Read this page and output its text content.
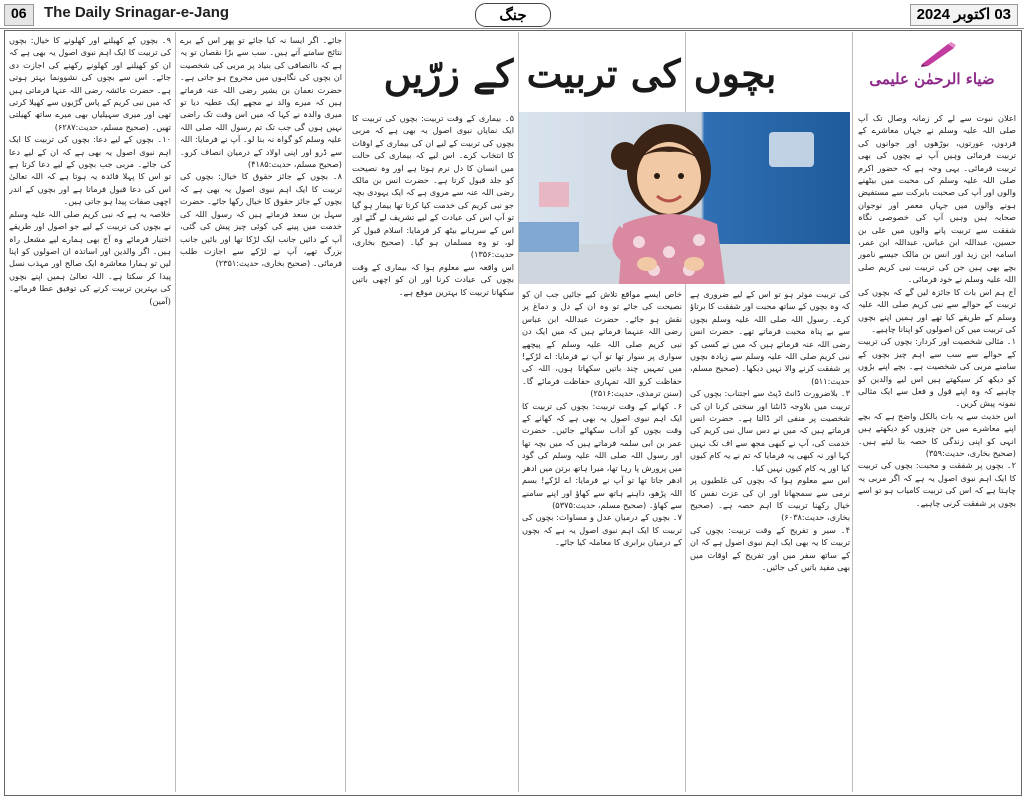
06	The Daily Srinagar-e-Jang	جنگ	03 اکتوبر 2024
بچوں کی تربیت کے زرّیں	ضیاء الرحمٰن علیمی

اعلان نبوت سے لے کر زمانہ وصال تک آپ صلی اللہ علیہ وسلم نے جہاں معاشرے کے فردوں، عورتوں، بوڑھوں اور جوانوں کی تربیت فرمائی وہیں آپ نے بچوں کی بھی تربیت فرمائی۔ یہی وجہ ہے کہ حضور اکرم صلی اللہ علیہ وسلم کی محبت میں بیٹھنے والوں اور آپ کی صحبت بابرکت سے مستفیض ہونے والوں میں جہاں معمر اور نوجوان صحابہ ہیں وہیں آپ کی خصوصی نگاہ شفقت سے تربیت پانے والوں میں علی بن حسین، عبداللہ ابن عباس، عبداللہ ابن عمر، اسامہ ابن زید اور انس بن مالک جیسے نامور بچے بھی ہیں جن کی تربیت نبی کریم صلی اللہ علیہ وسلم نے خود فرمائی۔

آج ہم اس بات کا جائزہ لیں گے کہ بچوں کی تربیت کے حوالے سے نبی کریم صلی اللہ علیہ وسلم کے طریقے کیا تھے اور ہمیں اپنے بچوں کی تربیت میں کن اصولوں کو اپنانا چاہیے۔

۱۔ مثالی شخصیت اور کردار: بچوں کی تربیت کے حوالے سے سب سے اہم چیز بچوں کے سامنے مربی کی شخصیت ہے۔ بچے اپنے بڑوں کو دیکھ کر سیکھتے ہیں اس لیے والدین کو چاہیے کہ وہ اپنے قول و فعل سے ایک مثالی نمونہ پیش کریں۔

اس حدیث سے یہ بات بالکل واضح ہے کہ بچے اپنے معاشرے میں جن چیزوں کو دیکھتے ہیں انہی کو اپنی زندگی کا حصہ بنا لیتے ہیں۔ (صحیح بخاری، حدیث:۳۵۹)

۲۔ بچوں پر شفقت و محبت: بچوں کی تربیت کا ایک اہم نبوی اصول یہ ہے کہ اگر مربی یہ چاہتا ہے کہ اس کی تربیت کامیاب ہو تو اسے بچوں پر شفقت کرنی چاہیے۔

کی تربیت موثر ہو تو اس کے لیے ضروری ہے کہ وہ بچوں کے ساتھ محبت اور شفقت کا برتاؤ کرے۔ رسول اللہ صلی اللہ علیہ وسلم بچوں سے بے پناہ محبت فرماتے تھے۔ حضرت انس رضی اللہ عنہ فرماتے ہیں کہ میں نے کسی کو نبی کریم صلی اللہ علیہ وسلم سے زیادہ بچوں پر شفقت کرنے والا نہیں دیکھا۔ (صحیح مسلم، حدیث:۵۱۱)

۳۔ بلاضرورت ڈانٹ ڈپٹ سے اجتناب: بچوں کی تربیت میں بلاوجہ ڈانٹنا اور سختی کرنا ان کی شخصیت پر منفی اثر ڈالتا ہے۔ حضرت انس فرماتے ہیں کہ میں نے دس سال نبی کریم کی خدمت کی، آپ نے کبھی مجھ سے اف تک نہیں کہا اور نہ کبھی یہ فرمایا کہ تم نے یہ کام کیوں کیا اور یہ کام کیوں نہیں کیا۔

اس سے معلوم ہوا کہ بچوں کی غلطیوں پر نرمی سے سمجھانا اور ان کی عزت نفس کا خیال رکھنا تربیت کا اہم حصہ ہے۔ (صحیح بخاری، حدیث:۶۰۳۸)

۴۔ سیر و تفریح کے وقت تربیت: بچوں کی تربیت کا یہ بھی ایک اہم نبوی اصول ہے کہ ان کے ساتھ سفر میں اور تفریح کے اوقات میں بھی مفید باتیں کی جائیں۔

خاص ایسے مواقع تلاش کیے جائیں جب ان کو نصیحت کی جائے تو وہ ان کے دل و دماغ پر نقش ہو جائے۔ حضرت عبداللہ ابن عباس رضی اللہ عنہما فرماتے ہیں کہ میں ایک دن نبی کریم صلی اللہ علیہ وسلم کے پیچھے سواری پر سوار تھا تو آپ نے فرمایا: اے لڑکے! میں تمہیں چند باتیں سکھاتا ہوں، اللہ کی حفاظت کرو اللہ تمہاری حفاظت فرمائے گا۔ (سنن ترمذی، حدیث:۲۵۱۶)

۶۔ کھانے کے وقت تربیت: بچوں کی تربیت کا ایک اہم نبوی اصول یہ بھی ہے کہ کھانے کے وقت بچوں کو آداب سکھائے جائیں۔ حضرت عمر بن ابی سلمہ فرماتے ہیں کہ میں بچہ تھا اور رسول اللہ صلی اللہ علیہ وسلم کی گود میں پرورش پا رہا تھا، میرا ہاتھ برتن میں ادھر ادھر جاتا تھا تو آپ نے فرمایا: اے لڑکے! بسم اللہ پڑھو، داہنے ہاتھ سے کھاؤ اور اپنے سامنے سے کھاؤ۔ (صحیح مسلم، حدیث:۵۳۷۵)

۷۔ بچوں کے درمیان عدل و مساوات: بچوں کی تربیت کا ایک اہم نبوی اصول یہ ہے کہ بچوں کے درمیان برابری کا معاملہ کیا جائے۔

۵۔ بیماری کے وقت تربیت: بچوں کی تربیت کا ایک نمایاں نبوی اصول یہ بھی ہے کہ مربی بچوں کی تربیت کے لیے ان کی بیماری کے اوقات کا انتخاب کرے۔ اس لیے کہ بیماری کی حالت میں انسان کا دل نرم ہوتا ہے اور وہ نصیحت کو جلد قبول کرتا ہے۔ حضرت انس بن مالک رضی اللہ عنہ سے مروی ہے کہ ایک یہودی بچہ جو نبی کریم کی خدمت کیا کرتا تھا بیمار ہو گیا تو آپ اس کی عیادت کے لیے تشریف لے گئے اور اس کے سرہانے بیٹھ کر فرمایا: اسلام قبول کر لو، تو وہ مسلمان ہو گیا۔ (صحیح بخاری، حدیث:۱۳۵۶)

اس واقعہ سے معلوم ہوا کہ بیماری کے وقت بچوں کی عیادت کرنا اور ان کو اچھی باتیں سکھانا تربیت کا بہترین موقع ہے۔

جائے۔ اگر ایسا نہ کیا جائے تو پھر اس کے برے نتائج سامنے آتے ہیں۔ سب سے بڑا نقصان تو یہ ہے کہ ناانصافی کی بنیاد پر مربی کی شخصیت ان بچوں کی نگاہوں میں مجروح ہو جاتی ہے۔ حضرت نعمان بن بشیر رضی اللہ عنہ فرماتے ہیں کہ میرے والد نے مجھے ایک عطیہ دیا تو میری والدہ نے کہا کہ میں اس وقت تک راضی نہیں ہوں گی جب تک تم رسول اللہ صلی اللہ علیہ وسلم کو گواہ نہ بنا لو۔ آپ نے فرمایا: اللہ سے ڈرو اور اپنی اولاد کے درمیان انصاف کرو۔ (صحیح مسلم، حدیث:۴۱۸۵)

۸۔ بچوں کے جائز حقوق کا خیال: بچوں کی تربیت کا ایک اہم نبوی اصول یہ بھی ہے کہ بچوں کے جائز حقوق کا خیال رکھا جائے۔ حضرت سہل بن سعد فرماتے ہیں کہ رسول اللہ کی خدمت میں پینے کی کوئی چیز پیش کی گئی، آپ کے دائیں جانب ایک لڑکا تھا اور بائیں جانب بزرگ تھے، آپ نے لڑکے سے اجازت طلب فرمائی۔ (صحیح بخاری، حدیث:۲۳۵۱)

۹۔ بچوں کے کھیلنے اور کھلونے کا خیال: بچوں کی تربیت کا ایک اہم نبوی اصول یہ بھی ہے کہ ان کو کھیلنے اور کھلونے رکھنے کی اجازت دی جائے۔ اس سے بچوں کی نشوونما بہتر ہوتی ہے۔ حضرت عائشہ رضی اللہ عنہا فرماتی ہیں کہ میں نبی کریم کے پاس گڑیوں سے کھیلا کرتی تھی اور میری سہیلیاں بھی میرے ساتھ کھیلتی تھیں۔ (صحیح مسلم، حدیث:۶۲۸۷)

۱۰۔ بچوں کے لیے دعا: بچوں کی تربیت کا ایک اہم نبوی اصول یہ بھی ہے کہ ان کے لیے دعا کی جائے۔ مربی جب بچوں کے لیے دعا کرتا ہے تو اس کا پہلا فائدہ یہ ہوتا ہے کہ اللہ تعالیٰ اس کی دعا قبول فرماتا ہے اور بچوں کے اندر اچھی صفات پیدا ہو جاتی ہیں۔

خلاصہ یہ ہے کہ نبی کریم صلی اللہ علیہ وسلم نے بچوں کی تربیت کے لیے جو اصول اور طریقے اختیار فرمائے وہ آج بھی ہمارے لیے مشعل راہ ہیں۔ اگر والدین اور اساتذہ ان اصولوں کو اپنا لیں تو ہمارا معاشرہ ایک صالح اور مہذب نسل پیدا کر سکتا ہے۔ اللہ تعالیٰ ہمیں اپنے بچوں کی بہترین تربیت کرنے کی توفیق عطا فرمائے۔ (آمین)
